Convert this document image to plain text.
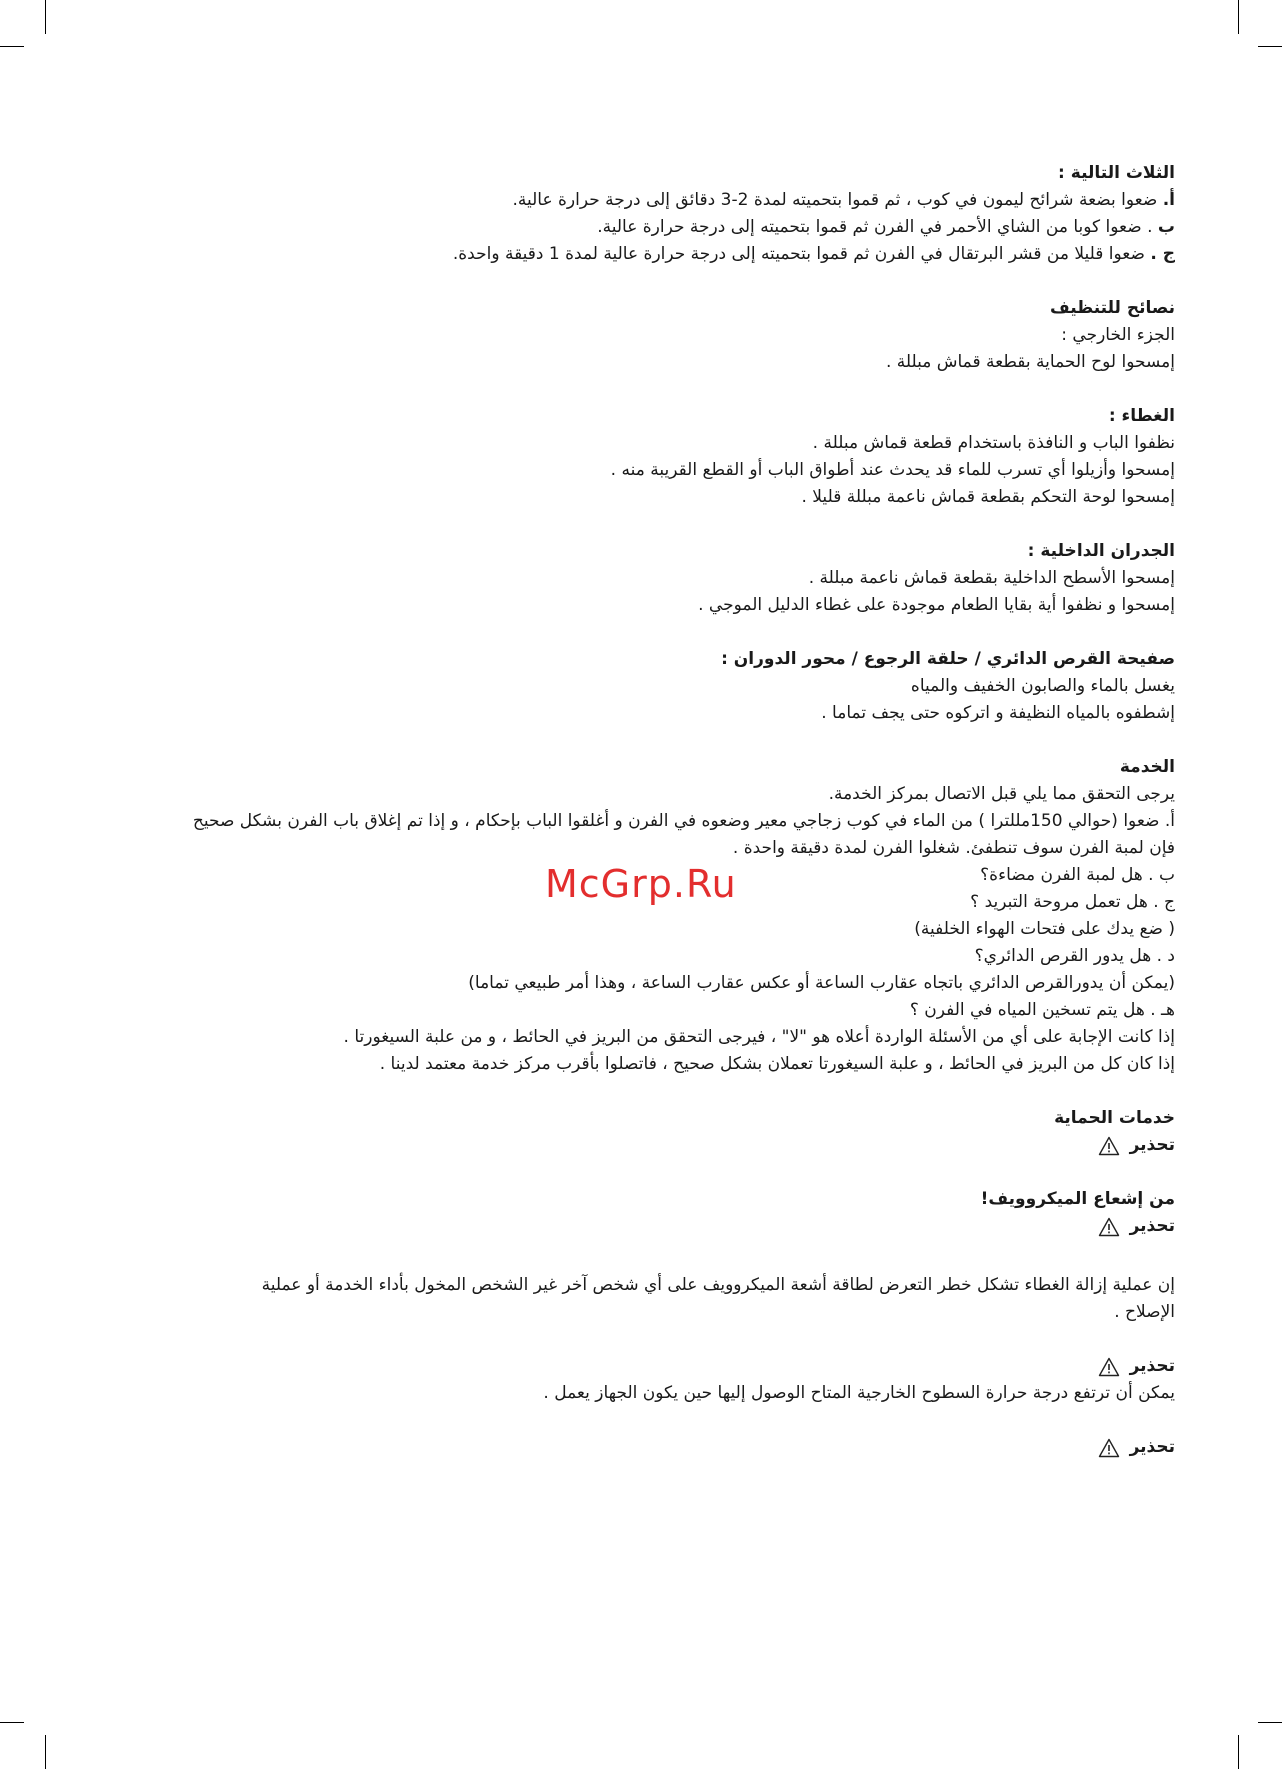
McGrp.Ru
الثلاث التالية :
أ. ضعوا بضعة شرائح ليمون في كوب ، ثم قموا بتحميته لمدة 2-3 دقائق إلى درجة حرارة عالية.
ب . ضعوا كوبا من الشاي الأحمر في الفرن ثم قموا بتحميته إلى درجة حرارة عالية.
ج . ضعوا قليلا من قشر البرتقال في الفرن ثم قموا بتحميته إلى درجة حرارة عالية لمدة 1 دقيقة واحدة.
نصائح للتنظيف
الجزء الخارجي :
إمسحوا لوح الحماية بقطعة قماش مبللة .
الغطاء :
نظفوا الباب و النافذة باستخدام قطعة قماش مبللة .
إمسحوا وأزيلوا أي تسرب للماء قد يحدث عند أطواق الباب أو القطع القريبة منه .
إمسحوا لوحة التحكم بقطعة قماش ناعمة مبللة قليلا .
الجدران الداخلية :
إمسحوا الأسطح الداخلية بقطعة قماش ناعمة مبللة .
إمسحوا و نظفوا أية بقايا الطعام موجودة على غطاء الدليل الموجي .
صفيحة القرص الدائري / حلقة الرجوع / محور الدوران :
يغسل بالماء والصابون الخفيف والمياه
إشطفوه بالمياه النظيفة و اتركوه حتى يجف تماما .
الخدمة
يرجى التحقق مما يلي قبل الاتصال بمركز الخدمة.
أ. ضعوا (حوالي 150مللترا ) من الماء في كوب زجاجي معير وضعوه في الفرن و أغلقوا الباب بإحكام ، و إذا تم إغلاق باب الفرن بشكل صحيح
فإن لمبة الفرن سوف تنطفئ. شغلوا الفرن لمدة دقيقة واحدة .
ب . هل لمبة الفرن مضاءة؟
ج . هل تعمل مروحة التبريد ؟
( ضع يدك على فتحات الهواء الخلفية)
د . هل يدور القرص الدائري؟
(يمكن أن يدورالقرص الدائري باتجاه عقارب الساعة أو عكس عقارب الساعة ، وهذا أمر طبيعي تماما)
هـ . هل يتم تسخين المياه في الفرن ؟
إذا كانت الإجابة على أي من الأسئلة الواردة أعلاه هو "لا" ، فيرجى التحقق من البريز في الحائط ، و من علبة السيغورتا .
إذا كان كل من البريز في الحائط ، و علبة السيغورتا تعملان بشكل صحيح ، فاتصلوا بأقرب مركز خدمة معتمد لدينا .
خدمات الحماية
تحذير
من إشعاع الميكروويف!
تحذير
إن عملية إزالة الغطاء تشكل خطر التعرض لطاقة أشعة الميكروويف على أي شخص آخر غير الشخص المخول بأداء الخدمة أو عملية
الإصلاح .
تحذير
يمكن أن ترتفع درجة حرارة السطوح الخارجية المتاح الوصول إليها حين يكون الجهاز يعمل .
تحذير
